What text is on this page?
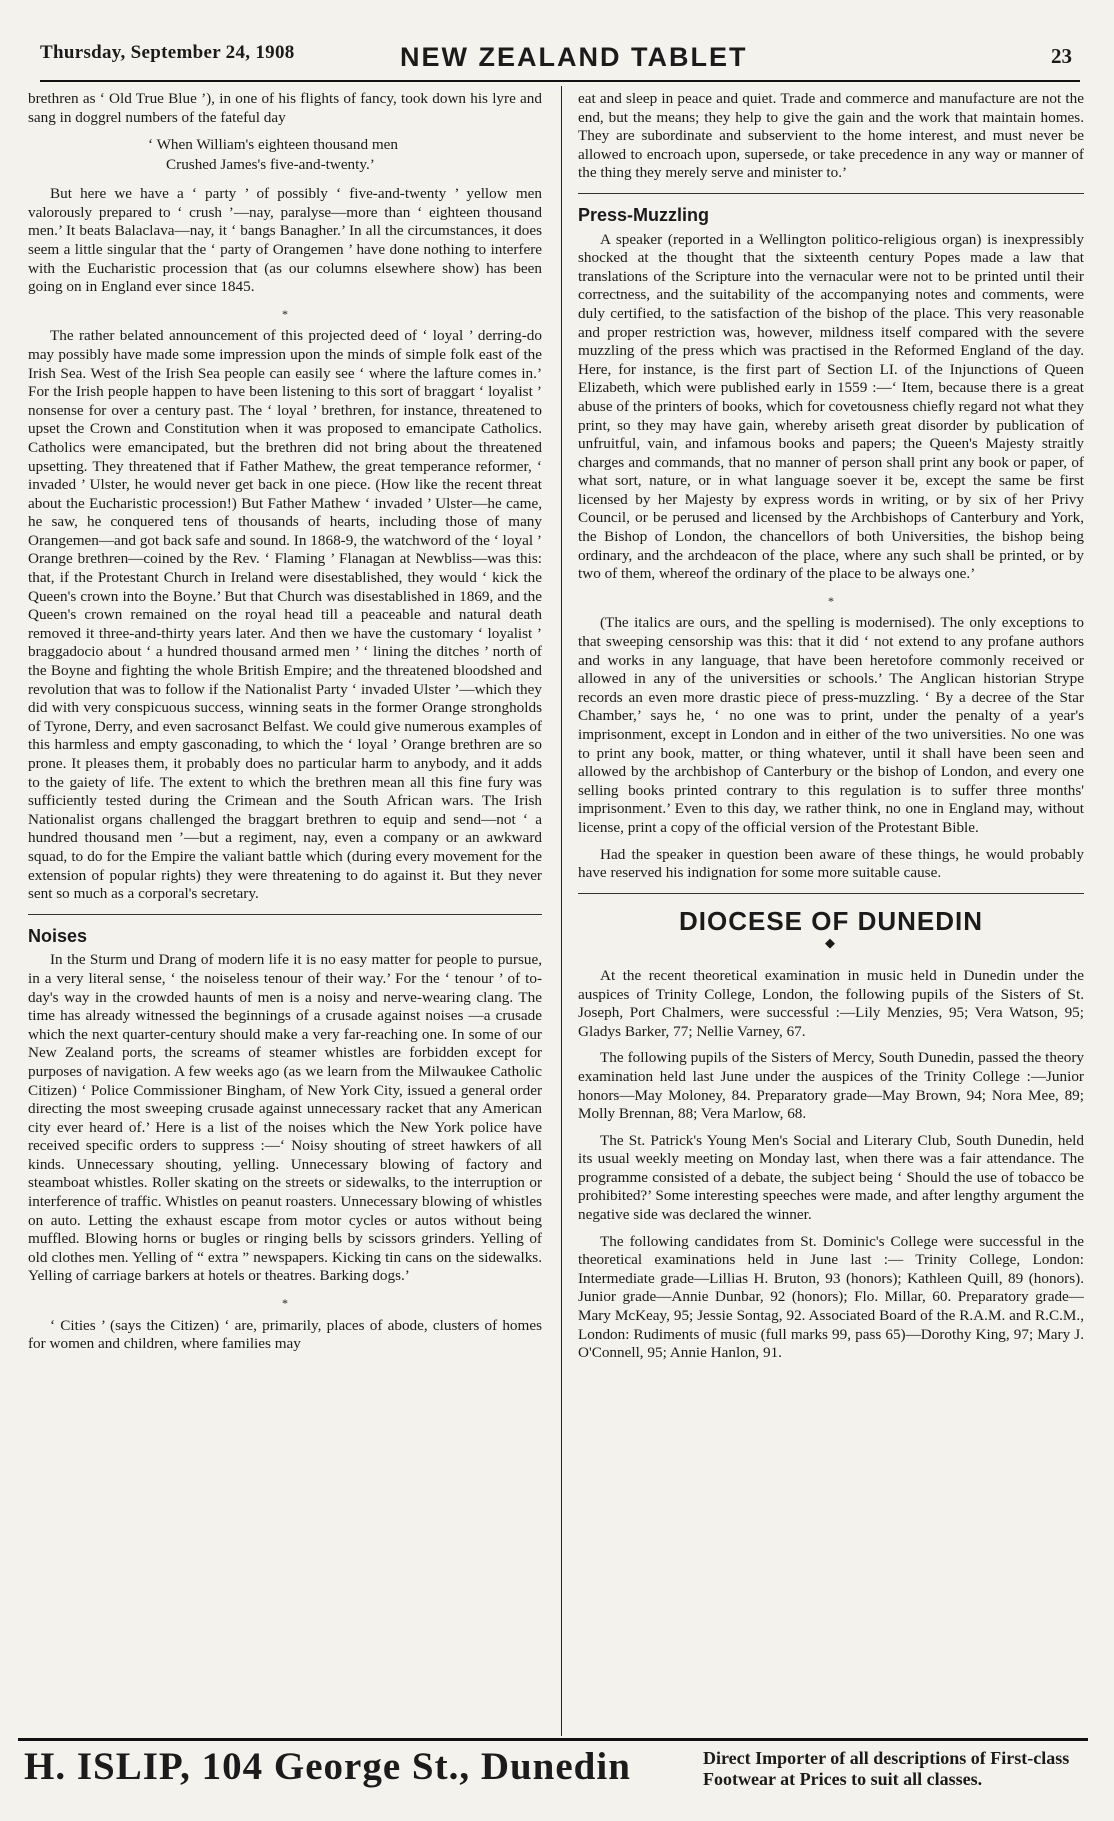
Thursday, September 24, 1908	NEW ZEALAND TABLET	23

brethren as ‘ Old True Blue ’), in one of his flights of fancy, took down his lyre and sang in doggrel numbers of the fateful day

‘ When William's eighteen thousand men
Crushed James's five-and-twenty.’

But here we have a ‘ party ’ of possibly ‘ five-and-twenty ’ yellow men valorously prepared to ‘ crush ’—nay, paralyse—more than ‘ eighteen thousand men.’ It beats Balaclava—nay, it ‘ bangs Banagher.’ In all the circumstances, it does seem a little singular that the ‘ party of Orangemen ’ have done nothing to interfere with the Eucharistic procession that (as our columns elsewhere show) has been going on in England ever since 1845.

*

The rather belated announcement of this projected deed of ‘ loyal ’ derring-do may possibly have made some impression upon the minds of simple folk east of the Irish Sea. West of the Irish Sea people can easily see ‘ where the lafture comes in.’ For the Irish people happen to have been listening to this sort of braggart ‘ loyalist ’ nonsense for over a century past. The ‘ loyal ’ brethren, for instance, threatened to upset the Crown and Constitution when it was proposed to emancipate Catholics. Catholics were emancipated, but the brethren did not bring about the threatened upsetting. They threatened that if Father Mathew, the great temperance reformer, ‘ invaded ’ Ulster, he would never get back in one piece. (How like the recent threat about the Eucharistic procession!) But Father Mathew ‘ invaded ’ Ulster—he came, he saw, he conquered tens of thousands of hearts, including those of many Orangemen—and got back safe and sound. In 1868-9, the watchword of the ‘ loyal ’ Orange brethren—coined by the Rev. ‘ Flaming ’ Flanagan at Newbliss—was this: that, if the Protestant Church in Ireland were disestablished, they would ‘ kick the Queen's crown into the Boyne.’ But that Church was disestablished in 1869, and the Queen's crown remained on the royal head till a peaceable and natural death removed it three-and-thirty years later. And then we have the customary ‘ loyalist ’ braggadocio about ‘ a hundred thousand armed men ’ ‘ lining the ditches ’ north of the Boyne and fighting the whole British Empire; and the threatened bloodshed and revolution that was to follow if the Nationalist Party ‘ invaded Ulster ’—which they did with very conspicuous success, winning seats in the former Orange strongholds of Tyrone, Derry, and even sacrosanct Belfast. We could give numerous examples of this harmless and empty gasconading, to which the ‘ loyal ’ Orange brethren are so prone. It pleases them, it probably does no particular harm to anybody, and it adds to the gaiety of life. The extent to which the brethren mean all this fine fury was sufficiently tested during the Crimean and the South African wars. The Irish Nationalist organs challenged the braggart brethren to equip and send—not ‘ a hundred thousand men ’—but a regiment, nay, even a company or an awkward squad, to do for the Empire the valiant battle which (during every movement for the extension of popular rights) they were threatening to do against it. But they never sent so much as a corporal's secretary.

Noises

In the Sturm und Drang of modern life it is no easy matter for people to pursue, in a very literal sense, ‘ the noiseless tenour of their way.’ For the ‘ tenour ’ of to-day's way in the crowded haunts of men is a noisy and nerve-wearing clang. The time has already witnessed the beginnings of a crusade against noises —a crusade which the next quarter-century should make a very far-reaching one. In some of our New Zealand ports, the screams of steamer whistles are forbidden except for purposes of navigation. A few weeks ago (as we learn from the Milwaukee Catholic Citizen) ‘ Police Commissioner Bingham, of New York City, issued a general order directing the most sweeping crusade against unnecessary racket that any American city ever heard of.’ Here is a list of the noises which the New York police have received specific orders to suppress :—‘ Noisy shouting of street hawkers of all kinds. Unnecessary shouting, yelling. Unnecessary blowing of factory and steamboat whistles. Roller skating on the streets or sidewalks, to the interruption or interference of traffic. Whistles on peanut roasters. Unnecessary blowing of whistles on auto. Letting the exhaust escape from motor cycles or autos without being muffled. Blowing horns or bugles or ringing bells by scissors grinders. Yelling of old clothes men. Yelling of “ extra ” newspapers. Kicking tin cans on the sidewalks. Yelling of carriage barkers at hotels or theatres. Barking dogs.’

*

‘ Cities ’ (says the Citizen) ‘ are, primarily, places of abode, clusters of homes for women and children, where families may

eat and sleep in peace and quiet. Trade and commerce and manufacture are not the end, but the means; they help to give the gain and the work that maintain homes. They are subordinate and subservient to the home interest, and must never be allowed to encroach upon, supersede, or take precedence in any way or manner of the thing they merely serve and minister to.’

Press-Muzzling

A speaker (reported in a Wellington politico-religious organ) is inexpressibly shocked at the thought that the sixteenth century Popes made a law that translations of the Scripture into the vernacular were not to be printed until their correctness, and the suitability of the accompanying notes and comments, were duly certified, to the satisfaction of the bishop of the place. This very reasonable and proper restriction was, however, mildness itself compared with the severe muzzling of the press which was practised in the Reformed England of the day. Here, for instance, is the first part of Section LI. of the Injunctions of Queen Elizabeth, which were published early in 1559 :—‘ Item, because there is a great abuse of the printers of books, which for covetousness chiefly regard not what they print, so they may have gain, whereby ariseth great disorder by publication of unfruitful, vain, and infamous books and papers; the Queen's Majesty straitly charges and commands, that no manner of person shall print any book or paper, of what sort, nature, or in what language soever it be, except the same be first licensed by her Majesty by express words in writing, or by six of her Privy Council, or be perused and licensed by the Archbishops of Canterbury and York, the Bishop of London, the chancellors of both Universities, the bishop being ordinary, and the archdeacon of the place, where any such shall be printed, or by two of them, whereof the ordinary of the place to be always one.’

*

(The italics are ours, and the spelling is modernised). The only exceptions to that sweeping censorship was this: that it did ‘ not extend to any profane authors and works in any language, that have been heretofore commonly received or allowed in any of the universities or schools.’ The Anglican historian Strype records an even more drastic piece of press-muzzling. ‘ By a decree of the Star Chamber,’ says he, ‘ no one was to print, under the penalty of a year's imprisonment, except in London and in either of the two universities. No one was to print any book, matter, or thing whatever, until it shall have been seen and allowed by the archbishop of Canterbury or the bishop of London, and every one selling books printed contrary to this regulation is to suffer three months' imprisonment.’ Even to this day, we rather think, no one in England may, without license, print a copy of the official version of the Protestant Bible.

Had the speaker in question been aware of these things, he would probably have reserved his indignation for some more suitable cause.

DIOCESE OF DUNEDIN
◆

At the recent theoretical examination in music held in Dunedin under the auspices of Trinity College, London, the following pupils of the Sisters of St. Joseph, Port Chalmers, were successful :—Lily Menzies, 95; Vera Watson, 95; Gladys Barker, 77; Nellie Varney, 67.

The following pupils of the Sisters of Mercy, South Dunedin, passed the theory examination held last June under the auspices of the Trinity College :—Junior honors—May Moloney, 84. Preparatory grade—May Brown, 94; Nora Mee, 89; Molly Brennan, 88; Vera Marlow, 68.

The St. Patrick's Young Men's Social and Literary Club, South Dunedin, held its usual weekly meeting on Monday last, when there was a fair attendance. The programme consisted of a debate, the subject being ‘ Should the use of tobacco be prohibited?’ Some interesting speeches were made, and after lengthy argument the negative side was declared the winner.

The following candidates from St. Dominic's College were successful in the theoretical examinations held in June last :— Trinity College, London: Intermediate grade—Lillias H. Bruton, 93 (honors); Kathleen Quill, 89 (honors). Junior grade—Annie Dunbar, 92 (honors); Flo. Millar, 60. Preparatory grade— Mary McKeay, 95; Jessie Sontag, 92. Associated Board of the R.A.M. and R.C.M., London: Rudiments of music (full marks 99, pass 65)—Dorothy King, 97; Mary J. O'Connell, 95; Annie Hanlon, 91.

H. ISLIP, 104 George St., Dunedin	Direct Importer of all descriptions of First-class
Footwear at Prices to suit all classes.
